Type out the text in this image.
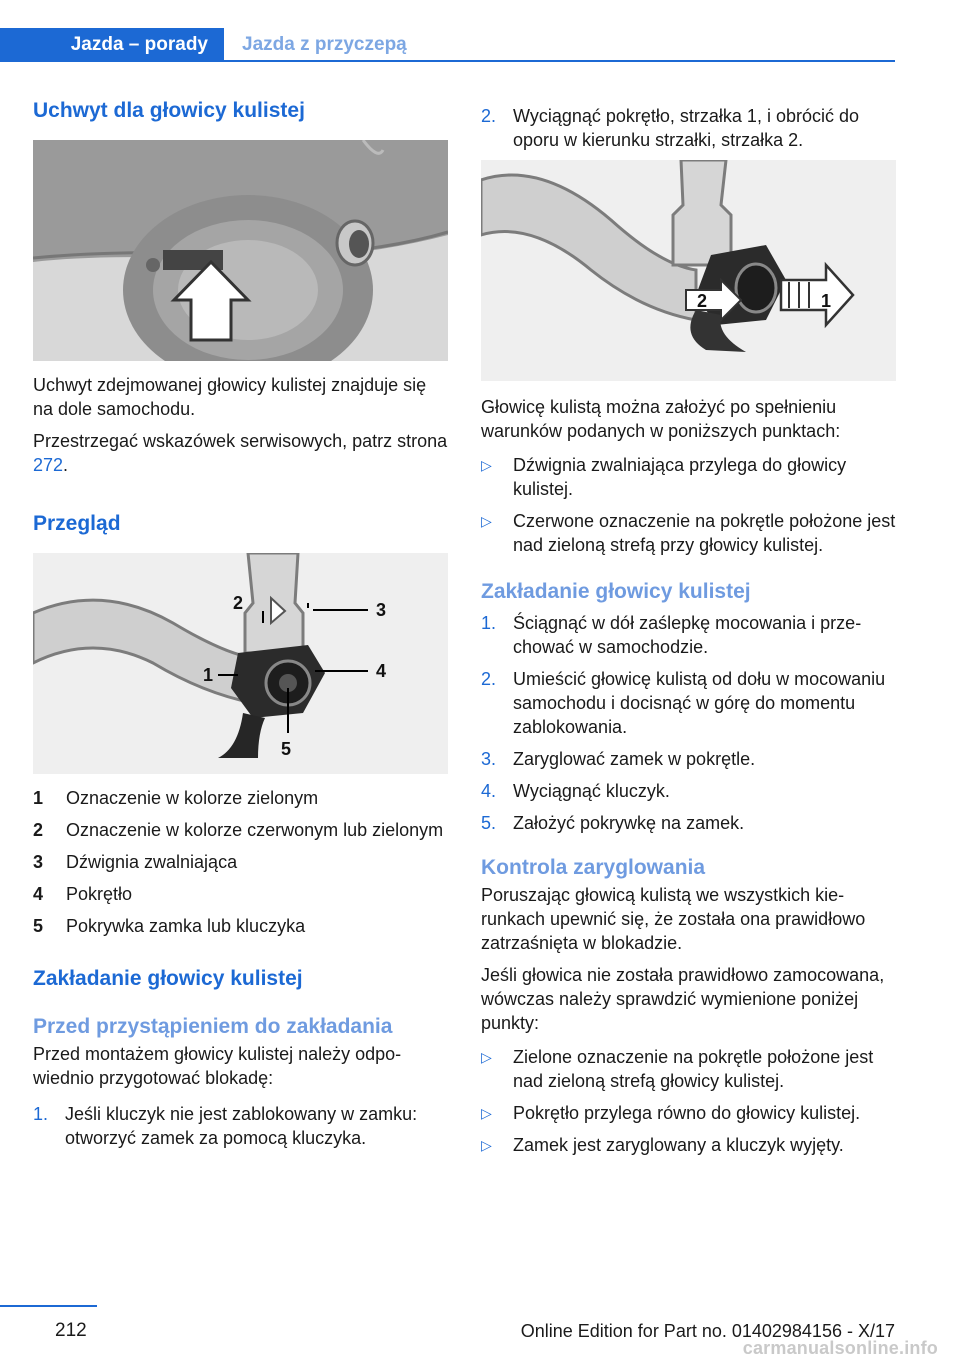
Jazda – porady	Jazda z przyczepą
Uchwyt dla głowicy kulistej

Uchwyt zdejmowanej głowicy kulistej znajduje się na dole samochodu.

Przestrzegać wskazówek serwisowych, patrz strona 272.

Przegląd
2	3
4
1
5
1	Oznaczenie w kolorze zielonym
2	Oznaczenie w kolorze czerwonym lub zielonym
3	Dźwignia zwalniająca
4	Pokrętło
5	Pokrywka zamka lub kluczyka
Zakładanie głowicy kulistej
Przed przystąpieniem do zakładania

Przed montażem głowicy kulistej należy odpowiednio przygotować blokadę:

1. Jeśli kluczyk nie jest zablokowany w zamku: otworzyć zamek za pomocą kluczyka.
2. Wyciągnąć pokrętło, strzałka 1, i obrócić do oporu w kierunku strzałki, strzałka 2.
2	1

Głowicę kulistą można założyć po spełnieniu warunków podanych w poniższych punktach:

▷	Dźwignia zwalniająca przylega do głowicy kulistej.
▷	Czerwone oznaczenie na pokrętle położone jest nad zieloną strefą przy głowicy kulistej.
Zakładanie głowicy kulistej
1. Ściągnąć w dół zaślepkę mocowania i przechować w samochodzie.
2. Umieścić głowicę kulistą od dołu w mocowaniu samochodu i docisnąć w górę do momentu zablokowania.
3. Zaryglować zamek w pokrętle.
4. Wyciągnąć kluczyk.
5. Założyć pokrywkę na zamek.
Kontrola zaryglowania

Poruszając głowicą kulistą we wszystkich kierunkach upewnić się, że została ona prawidłowo zatrzaśnięta w blokadzie.

Jeśli głowica nie została prawidłowo zamocowana, wówczas należy sprawdzić wymienione poniżej punkty:

▷	Zielone oznaczenie na pokrętle położone jest nad zieloną strefą głowicy kulistej.
▷	Pokrętło przylega równo do głowicy kulistej.
▷	Zamek jest zaryglowany a kluczyk wyjęty.
212	Online Edition for Part no. 01402984156 - X/17
carmanualsonline.info
